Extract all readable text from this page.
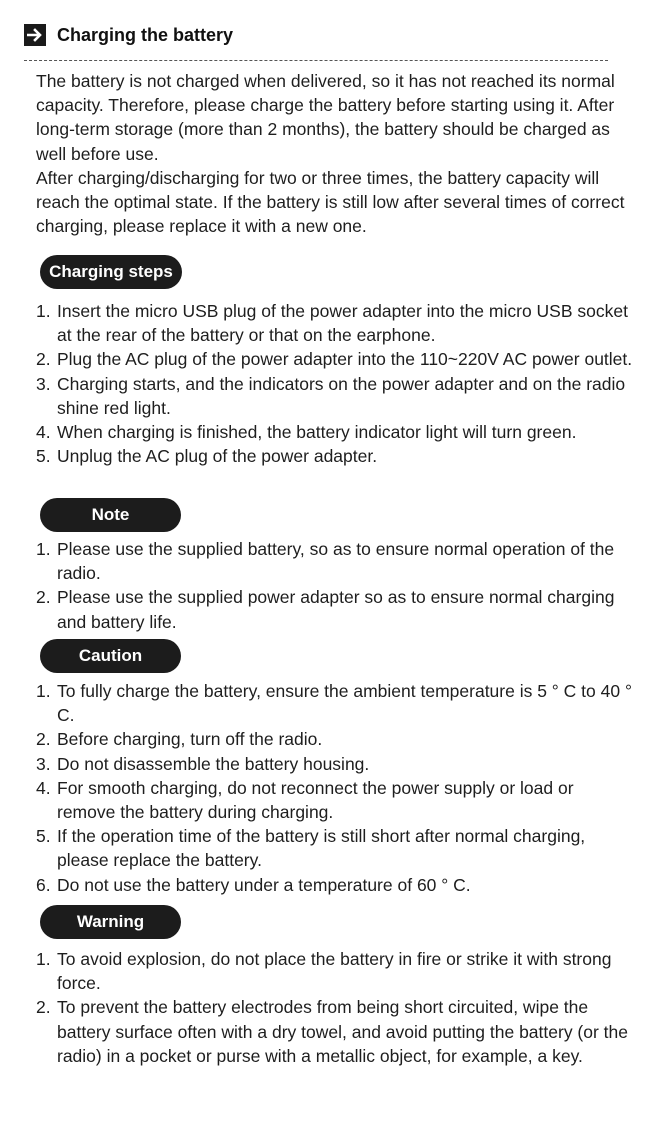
Charging the battery

The battery is not charged when delivered, so it has not reached its normal capacity. Therefore, please charge the battery before starting using it. After long-term storage (more than 2 months), the battery should be charged as well before use.

After charging/discharging for two or three times, the battery capacity will reach the optimal state. If the battery is still low after several times of correct charging, please replace it with a new one.

Charging steps
1. Insert the micro USB plug of the power adapter into the micro USB socket at the rear of the battery or that on the earphone.
2. Plug the AC plug of the power adapter into the 110~220V AC power outlet.
3. Charging starts, and the indicators on the power adapter and on the radio shine red light.
4. When charging is finished, the battery indicator light will turn green.
5. Unplug the AC plug of the power adapter.
Note
1. Please use the supplied battery, so as to ensure normal operation of the radio.
2. Please use the supplied power adapter so as to ensure normal charging and battery life.
Caution
1. To fully charge the battery, ensure the ambient temperature is 5 ° C to 40 ° C.
2. Before charging, turn off the radio.
3. Do not disassemble the battery housing.
4. For smooth charging, do not reconnect the power supply or load or remove the battery during charging.
5. If the operation time of the battery is still short after normal charging, please replace the battery.
6. Do not use the battery under a temperature of 60 ° C.
Warning
1. To avoid explosion, do not place the battery in fire or strike it with strong force.
2. To prevent the battery electrodes from being short circuited, wipe the battery surface often with a dry towel, and avoid putting the battery (or the radio) in a pocket or purse with a metallic object, for example, a key.
